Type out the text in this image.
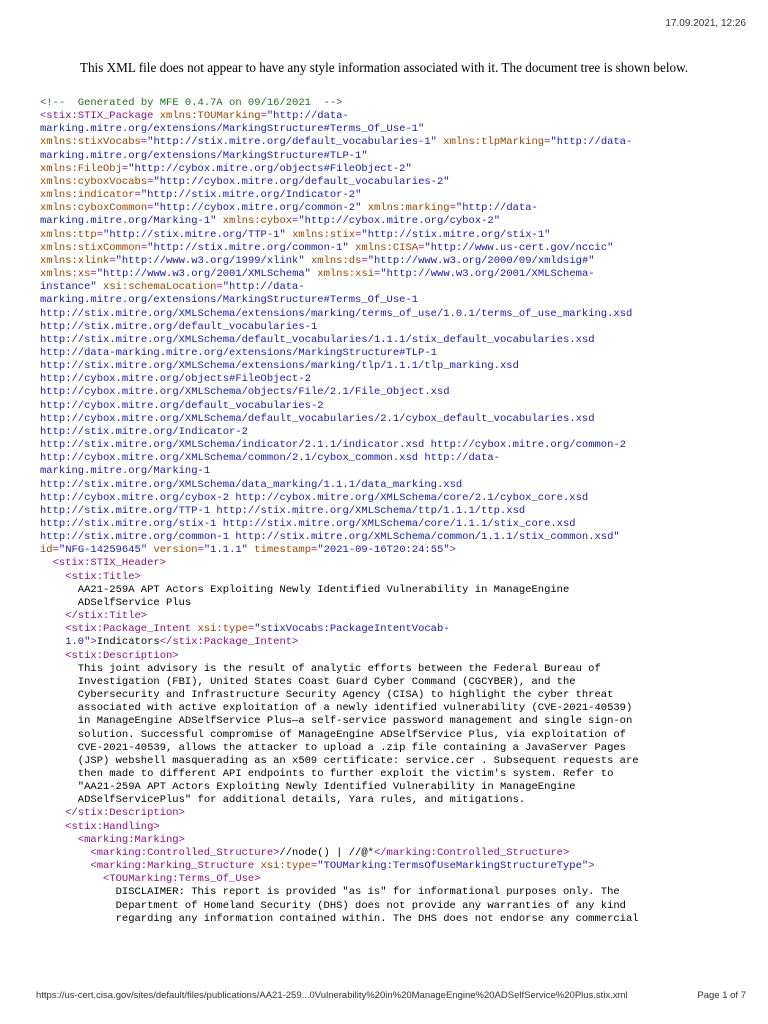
17.09.2021, 12:26
This XML file does not appear to have any style information associated with it. The document tree is shown below.
<!--  Generated by MFE 0.4.7A on 09/16/2021  -->
<stix:STIX_Package xmlns:TOUMarking="http://data-
marking.mitre.org/extensions/MarkingStructure#Terms_Of_Use-1"
xmlns:stixVocabs="http://stix.mitre.org/default_vocabularies-1" xmlns:tlpMarking="http://data-
marking.mitre.org/extensions/MarkingStructure#TLP-1"
xmlns:FileObj="http://cybox.mitre.org/objects#FileObject-2"
xmlns:cyboxVocabs="http://cybox.mitre.org/default_vocabularies-2"
xmlns:indicator="http://stix.mitre.org/Indicator-2"
xmlns:cyboxCommon="http://cybox.mitre.org/common-2" xmlns:marking="http://data-
marking.mitre.org/Marking-1" xmlns:cybox="http://cybox.mitre.org/cybox-2"
xmlns:ttp="http://stix.mitre.org/TTP-1" xmlns:stix="http://stix.mitre.org/stix-1"
xmlns:stixCommon="http://stix.mitre.org/common-1" xmlns:CISA="http://www.us-cert.gov/nccic"
xmlns:xlink="http://www.w3.org/1999/xlink" xmlns:ds="http://www.w3.org/2000/09/xmldsig#"
xmlns:xs="http://www.w3.org/2001/XMLSchema" xmlns:xsi="http://www.w3.org/2001/XMLSchema-
instance" xsi:schemaLocation="http://data-
marking.mitre.org/extensions/MarkingStructure#Terms_Of_Use-1
http://stix.mitre.org/XMLSchema/extensions/marking/terms_of_use/1.0.1/terms_of_use_marking.xsd
http://stix.mitre.org/default_vocabularies-1
http://stix.mitre.org/XMLSchema/default_vocabularies/1.1.1/stix_default_vocabularies.xsd
http://data-marking.mitre.org/extensions/MarkingStructure#TLP-1
http://stix.mitre.org/XMLSchema/extensions/marking/tlp/1.1.1/tlp_marking.xsd
http://cybox.mitre.org/objects#FileObject-2
http://cybox.mitre.org/XMLSchema/objects/File/2.1/File_Object.xsd
http://cybox.mitre.org/default_vocabularies-2
http://cybox.mitre.org/XMLSchema/default_vocabularies/2.1/cybox_default_vocabularies.xsd
http://stix.mitre.org/Indicator-2
http://stix.mitre.org/XMLSchema/indicator/2.1.1/indicator.xsd http://cybox.mitre.org/common-2
http://cybox.mitre.org/XMLSchema/common/2.1/cybox_common.xsd http://data-
marking.mitre.org/Marking-1
http://stix.mitre.org/XMLSchema/data_marking/1.1.1/data_marking.xsd
http://cybox.mitre.org/cybox-2 http://cybox.mitre.org/XMLSchema/core/2.1/cybox_core.xsd
http://stix.mitre.org/TTP-1 http://stix.mitre.org/XMLSchema/ttp/1.1.1/ttp.xsd
http://stix.mitre.org/stix-1 http://stix.mitre.org/XMLSchema/core/1.1.1/stix_core.xsd
http://stix.mitre.org/common-1 http://stix.mitre.org/XMLSchema/common/1.1.1/stix_common.xsd"
id="NFG-14259645" version="1.1.1" timestamp="2021-09-16T20:24:55">
<stix:STIX_Header>
<stix:Title>
AA21-259A APT Actors Exploiting Newly Identified Vulnerability in ManageEngine
ADSelfService Plus
</stix:Title>
<stix:Package_Intent xsi:type="stixVocabs:PackageIntentVocab-
1.0">Indicators</stix:Package_Intent>
<stix:Description>
This joint advisory is the result of analytic efforts between the Federal Bureau of
Investigation (FBI), United States Coast Guard Cyber Command (CGCYBER), and the
Cybersecurity and Infrastructure Security Agency (CISA) to highlight the cyber threat
associated with active exploitation of a newly identified vulnerability (CVE-2021-40539)
in ManageEngine ADSelfService Plus—a self-service password management and single sign-on
solution. Successful compromise of ManageEngine ADSelfService Plus, via exploitation of
CVE-2021-40539, allows the attacker to upload a .zip file containing a JavaServer Pages
(JSP) webshell masquerading as an x509 certificate: service.cer . Subsequent requests are
then made to different API endpoints to further exploit the victim's system. Refer to
"AA21-259A APT Actors Exploiting Newly Identified Vulnerability in ManageEngine
ADSelfServicePlus" for additional details, Yara rules, and mitigations.
</stix:Description>
<stix:Handling>
<marking:Marking>
<marking:Controlled_Structure>//node() | //@*</marking:Controlled_Structure>
<marking:Marking_Structure xsi:type="TOUMarking:TermsOfUseMarkingStructureType">
<TOUMarking:Terms_Of_Use>
DISCLAIMER: This report is provided "as is" for informational purposes only. The
Department of Homeland Security (DHS) does not provide any warranties of any kind
regarding any information contained within. The DHS does not endorse any commercial
https://us-cert.cisa.gov/sites/default/files/publications/AA21-259...0Vulnerability%20in%20ManageEngine%20ADSelfService%20Plus.stix.xml	Page 1 of 7
